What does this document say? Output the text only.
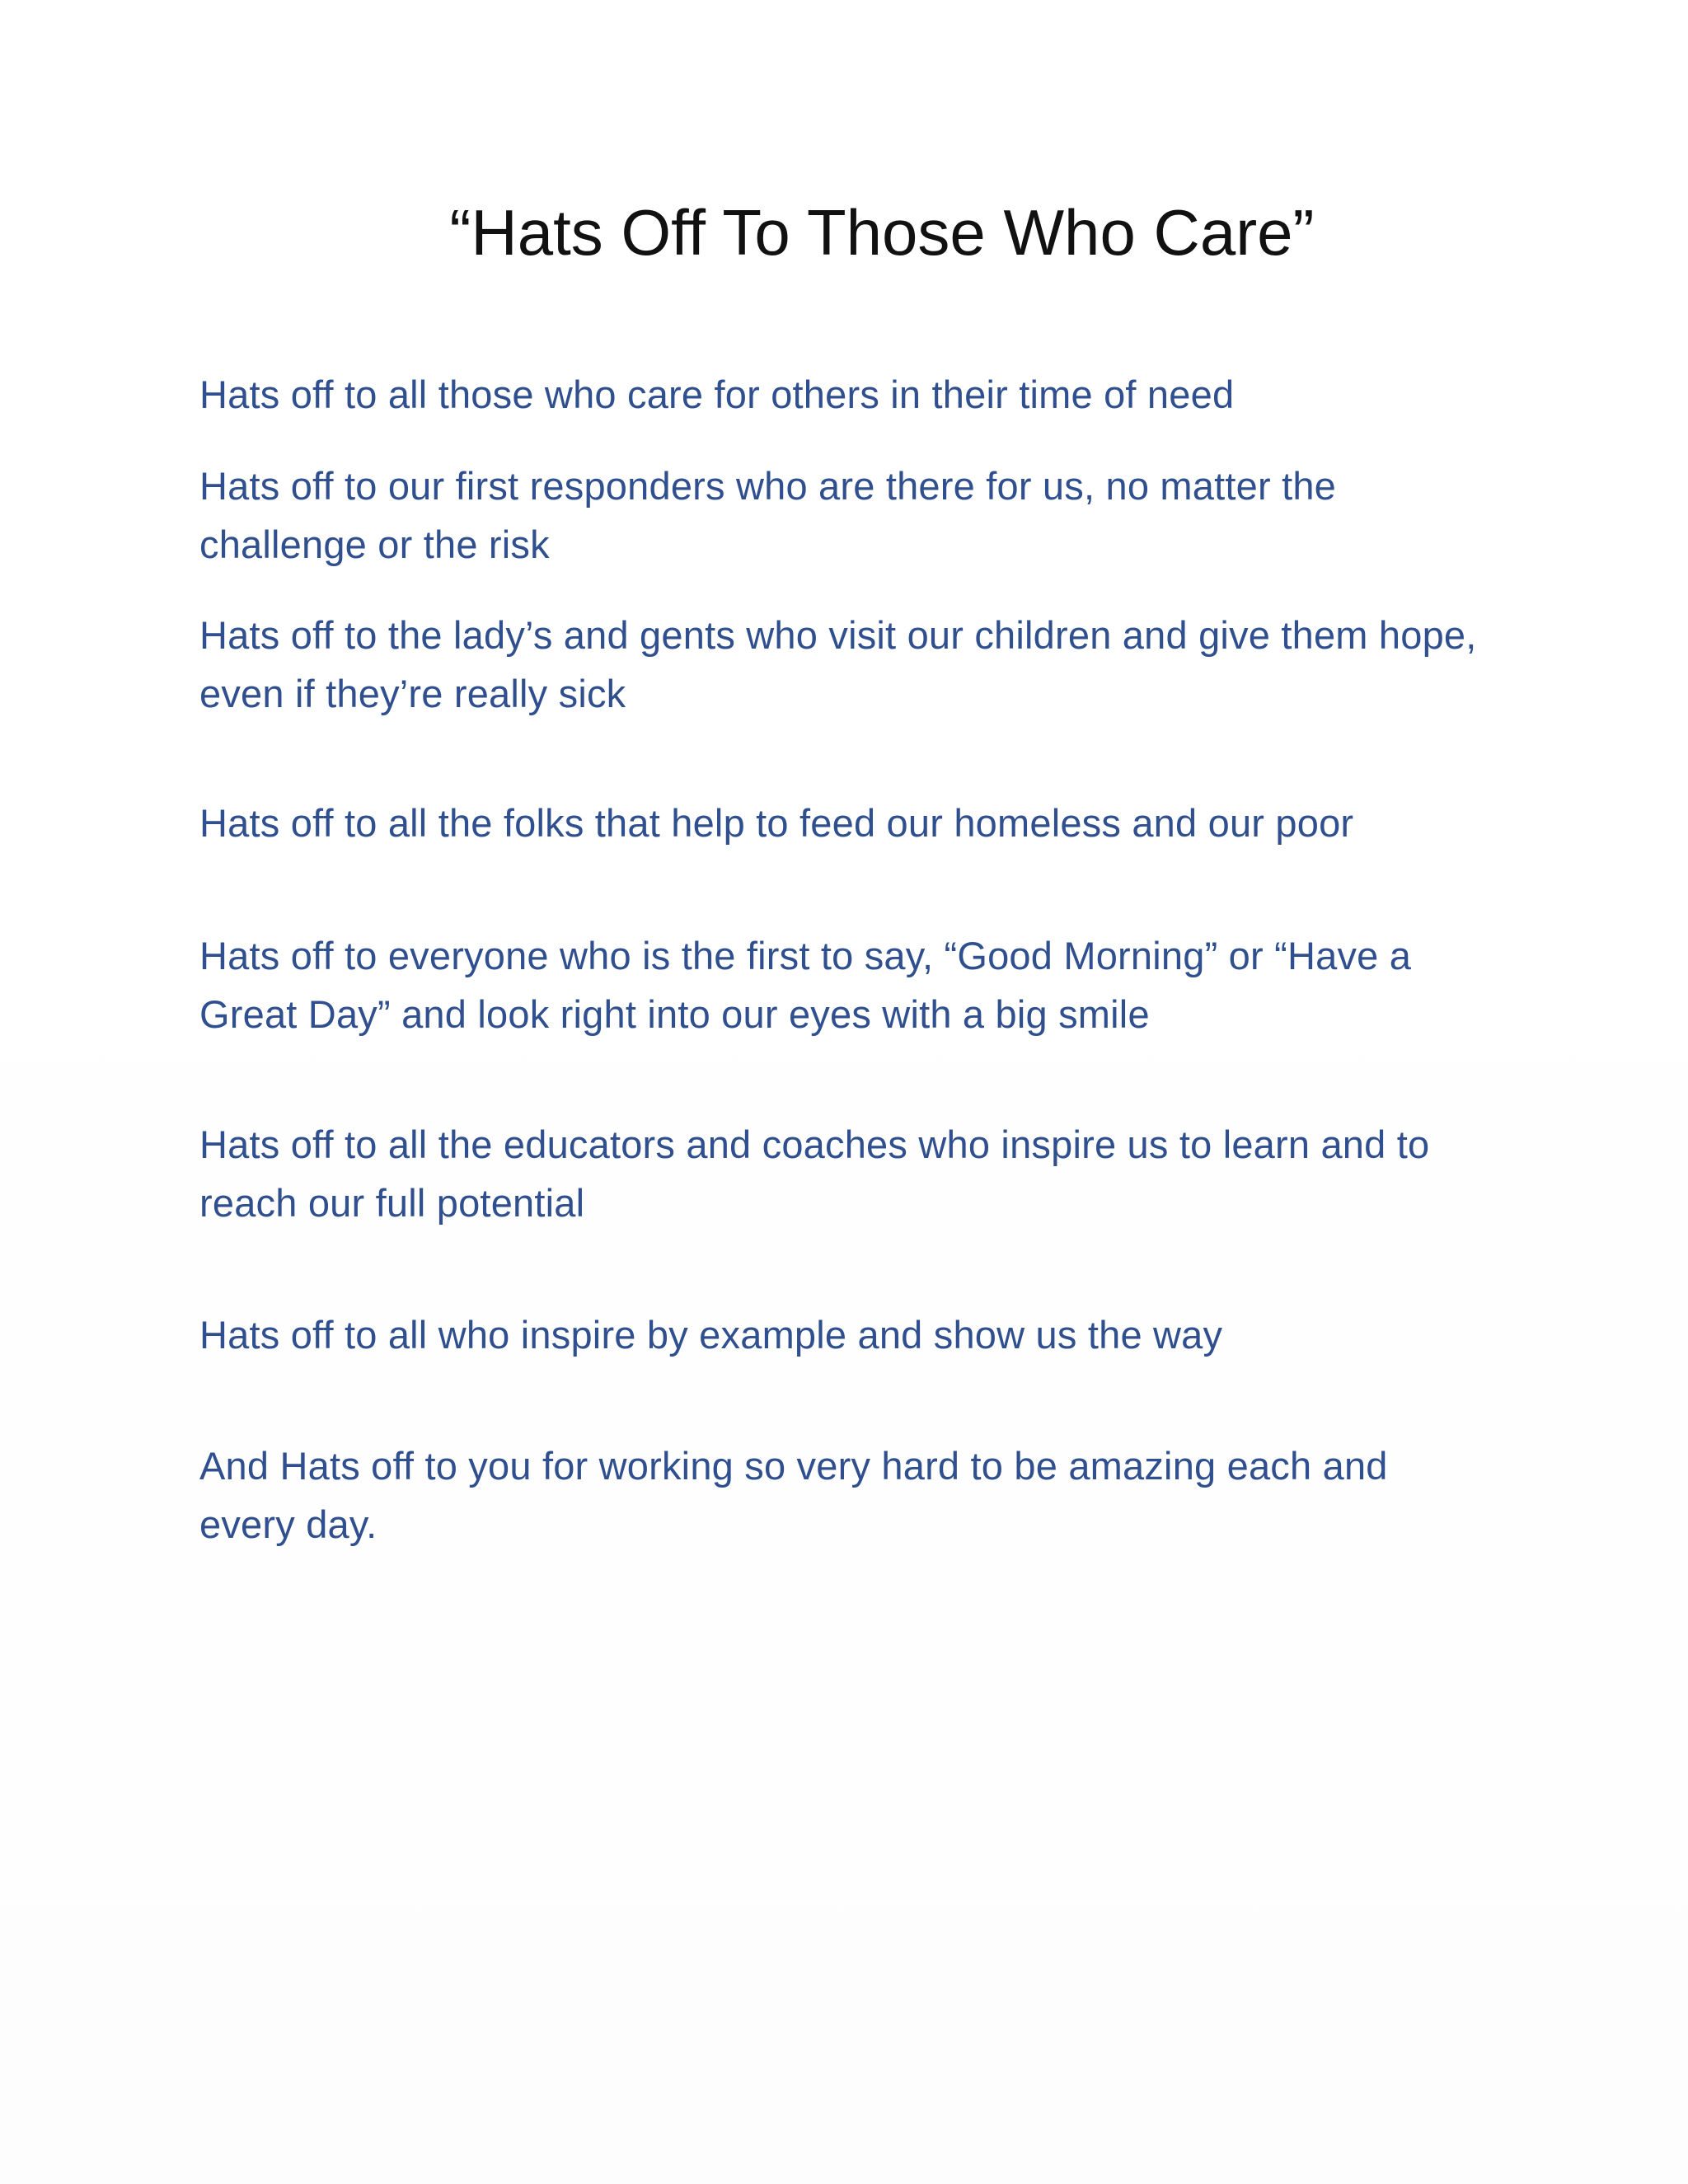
“Hats Off To Those Who Care”

Hats off to all those who care for others in their time of need

Hats off to our first responders who are there for us, no matter the challenge or the risk

Hats off to the lady’s and gents who visit our children and give them hope, even if they’re really sick

Hats off to all the folks that help to feed our homeless and our poor

Hats off to everyone who is the first to say, “Good Morning” or “Have a Great Day” and look right into our eyes with a big smile

Hats off to all the educators and coaches who inspire us to learn and to reach our full potential

Hats off to all who inspire by example and show us the way

And Hats off to you for working so very hard to be amazing each and every day.
